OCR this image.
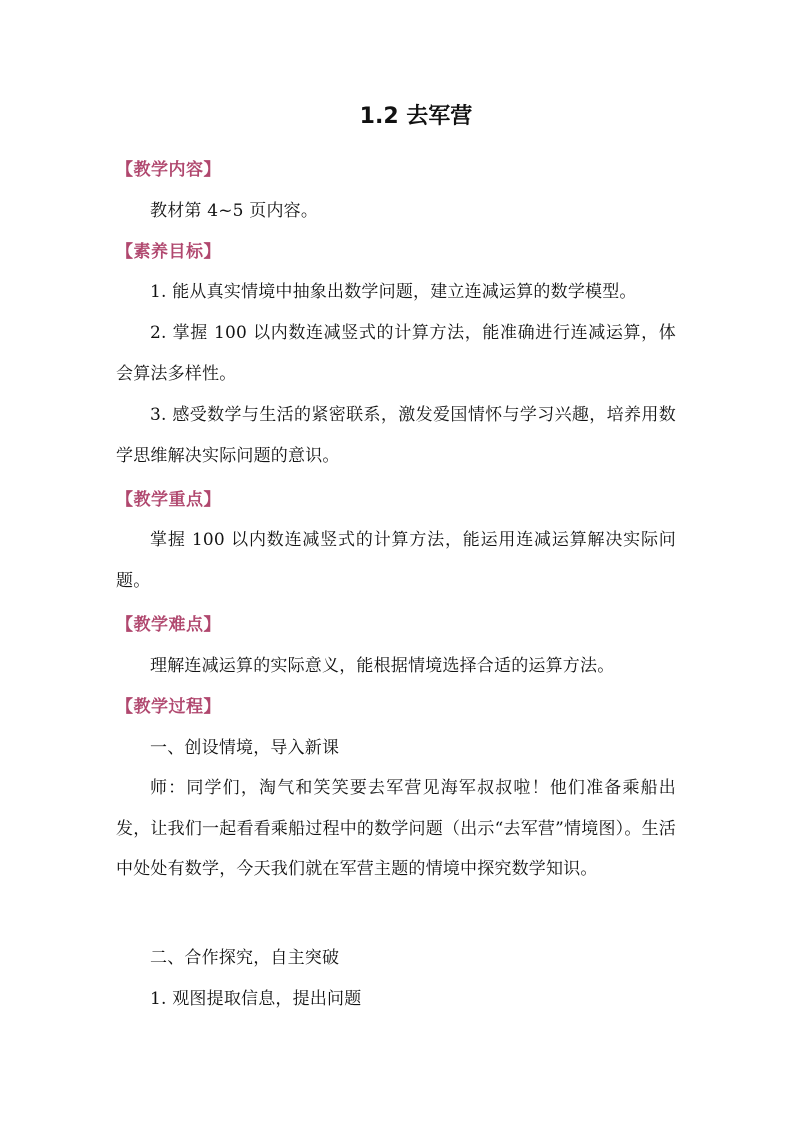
1.2 去军营
【教学内容】
教材第 4~5 页内容。
【素养目标】
1. 能从真实情境中抽象出数学问题，建立连减运算的数学模型。
2. 掌握 100 以内数连减竖式的计算方法，能准确进行连减运算，体会算法多样性。
3. 感受数学与生活的紧密联系，激发爱国情怀与学习兴趣，培养用数学思维解决实际问题的意识。
【教学重点】
掌握 100 以内数连减竖式的计算方法，能运用连减运算解决实际问题。
【教学难点】
理解连减运算的实际意义，能根据情境选择合适的运算方法。
【教学过程】
一、创设情境，导入新课
师：同学们，淘气和笑笑要去军营见海军叔叔啦！他们准备乘船出发，让我们一起看看乘船过程中的数学问题（出示“去军营”情境图）。生活中处处有数学，今天我们就在军营主题的情境中探究数学知识。
二、合作探究，自主突破
1. 观图提取信息，提出问题
